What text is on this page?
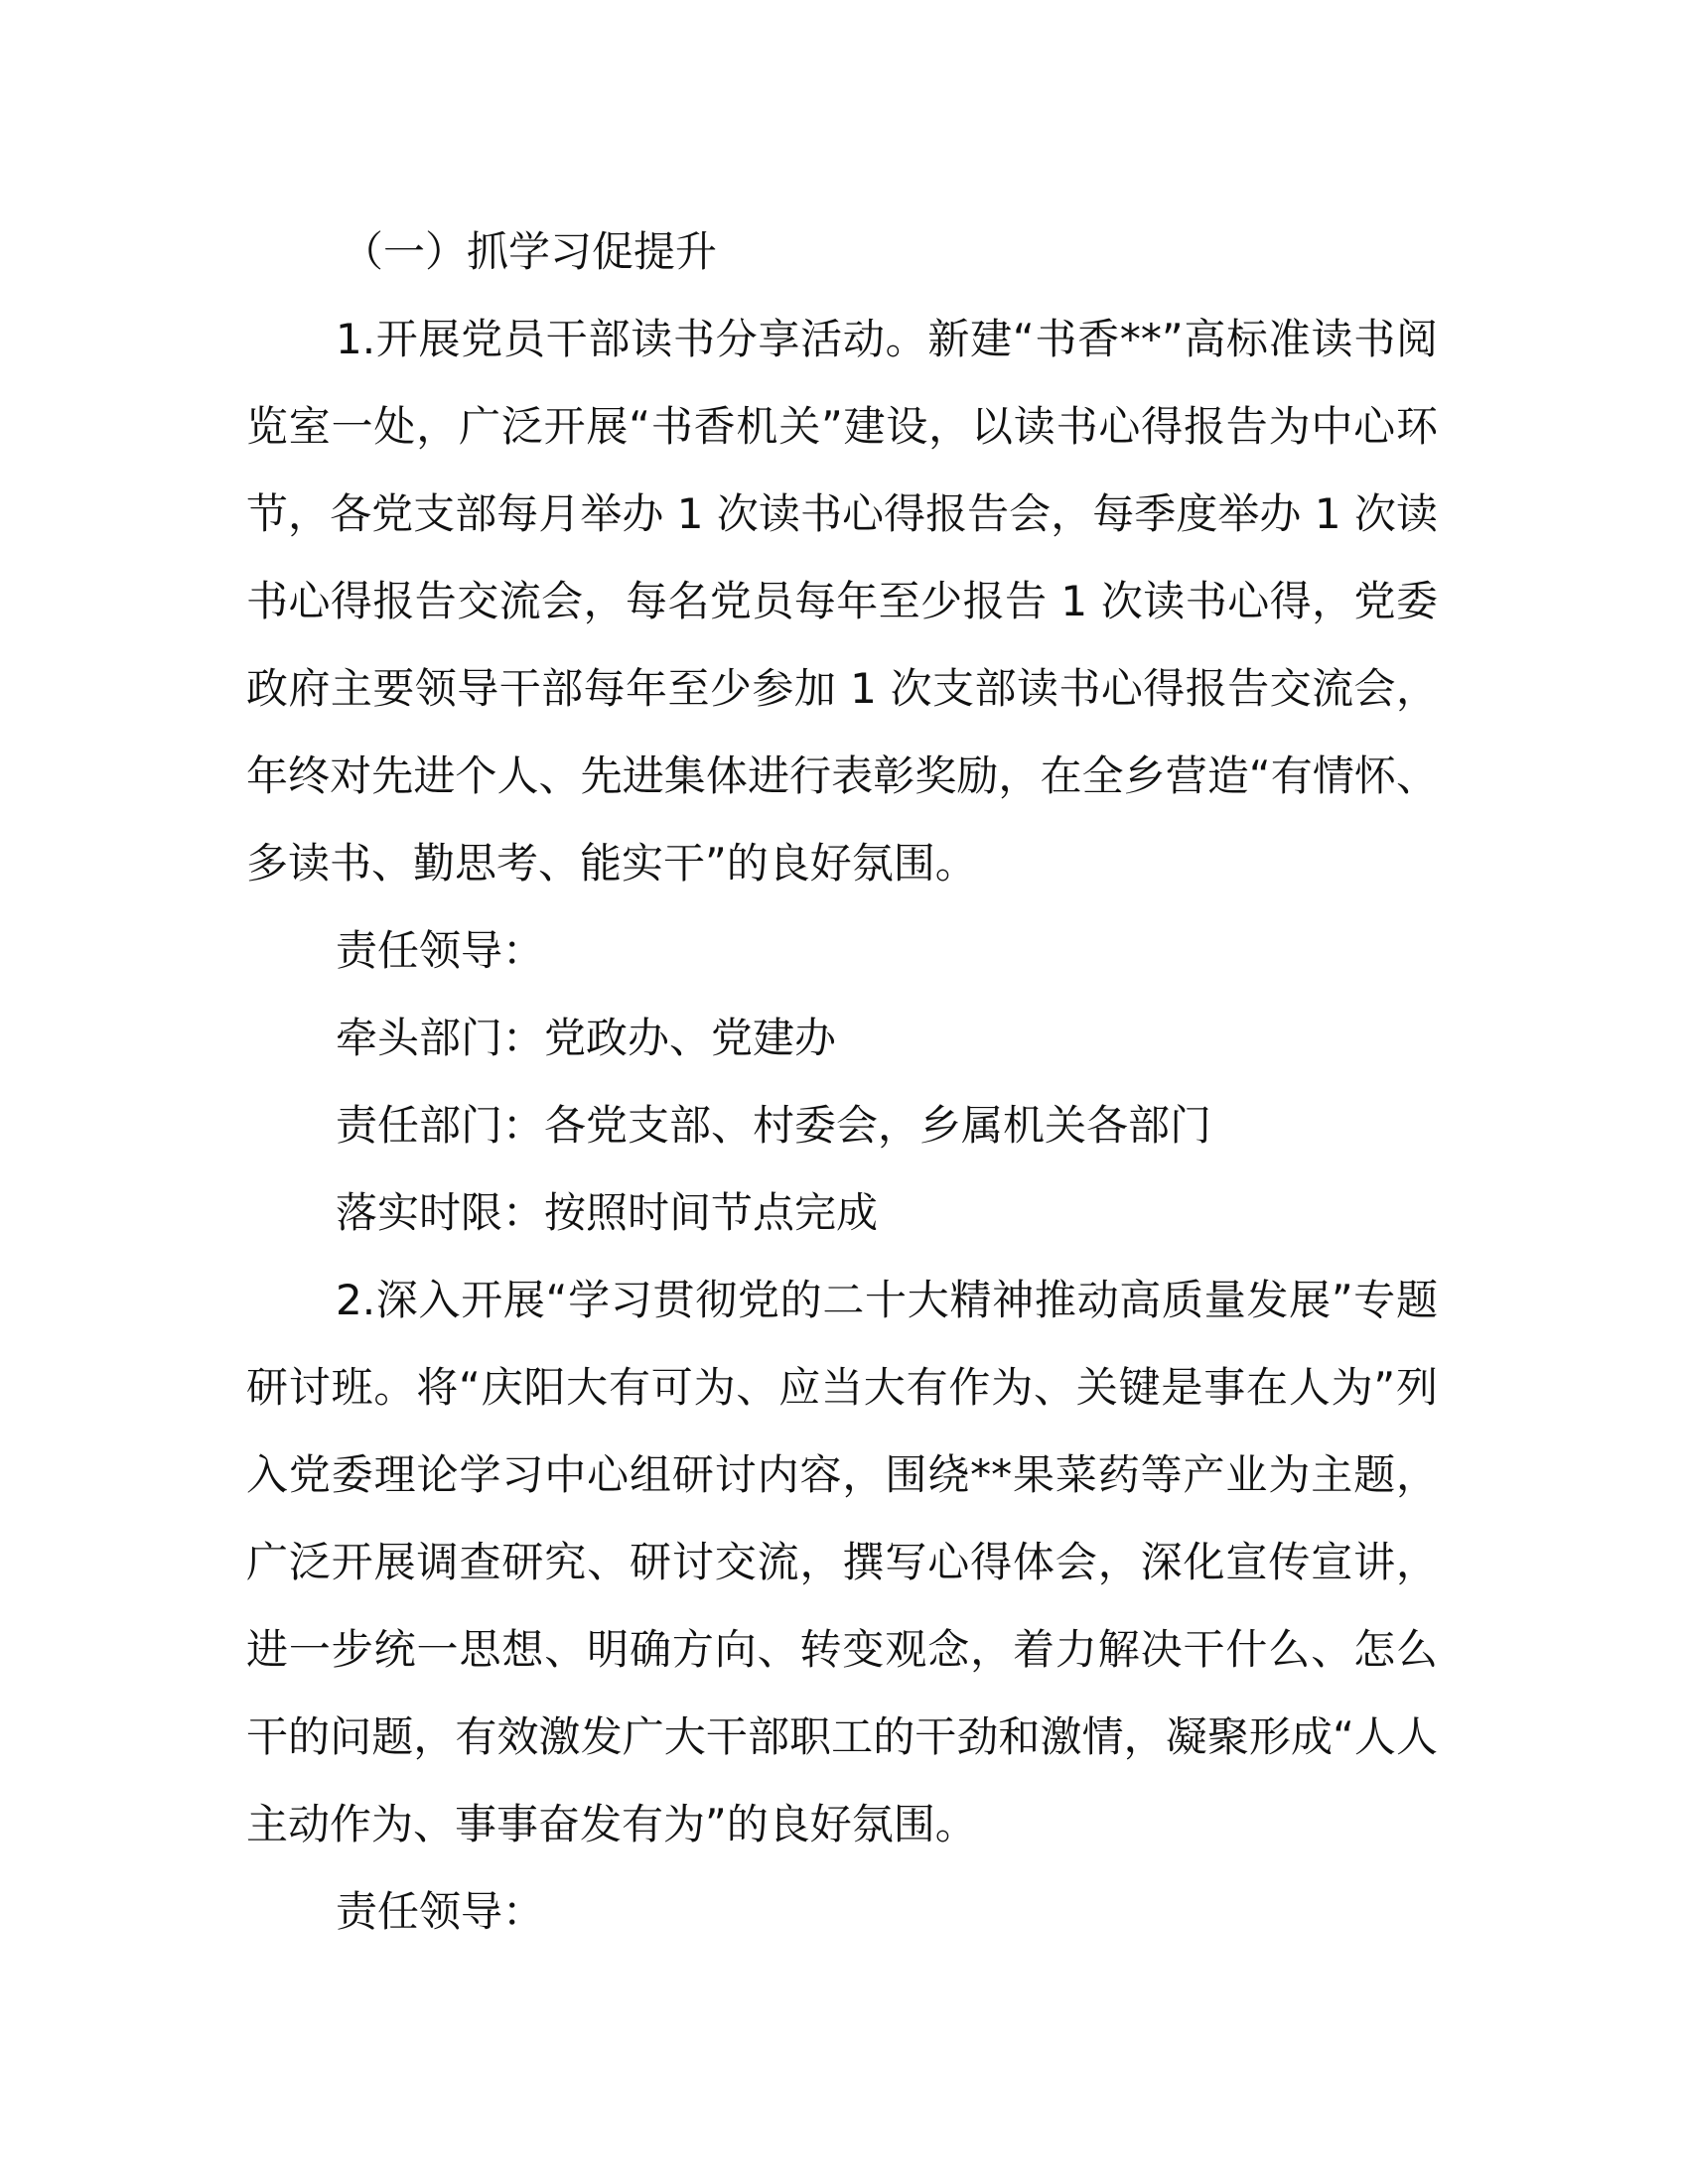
（一）抓学习促提升
1.开展党员干部读书分享活动。新建“书香**”高标准读书阅览室一处，广泛开展“书香机关”建设，以读书心得报告为中心环节，各党支部每月举办 1 次读书心得报告会，每季度举办 1 次读书心得报告交流会，每名党员每年至少报告 1 次读书心得，党委政府主要领导干部每年至少参加 1 次支部读书心得报告交流会，年终对先进个人、先进集体进行表彰奖励，在全乡营造“有情怀、多读书、勤思考、能实干”的良好氛围。
责任领导：
牵头部门：党政办、党建办
责任部门：各党支部、村委会，乡属机关各部门
落实时限：按照时间节点完成
2.深入开展“学习贯彻党的二十大精神推动高质量发展”专题研讨班。将“庆阳大有可为、应当大有作为、关键是事在人为”列入党委理论学习中心组研讨内容，围绕**果菜药等产业为主题，广泛开展调查研究、研讨交流，撰写心得体会，深化宣传宣讲，进一步统一思想、明确方向、转变观念，着力解决干什么、怎么干的问题，有效激发广大干部职工的干劲和激情，凝聚形成“人人主动作为、事事奋发有为”的良好氛围。
责任领导：
